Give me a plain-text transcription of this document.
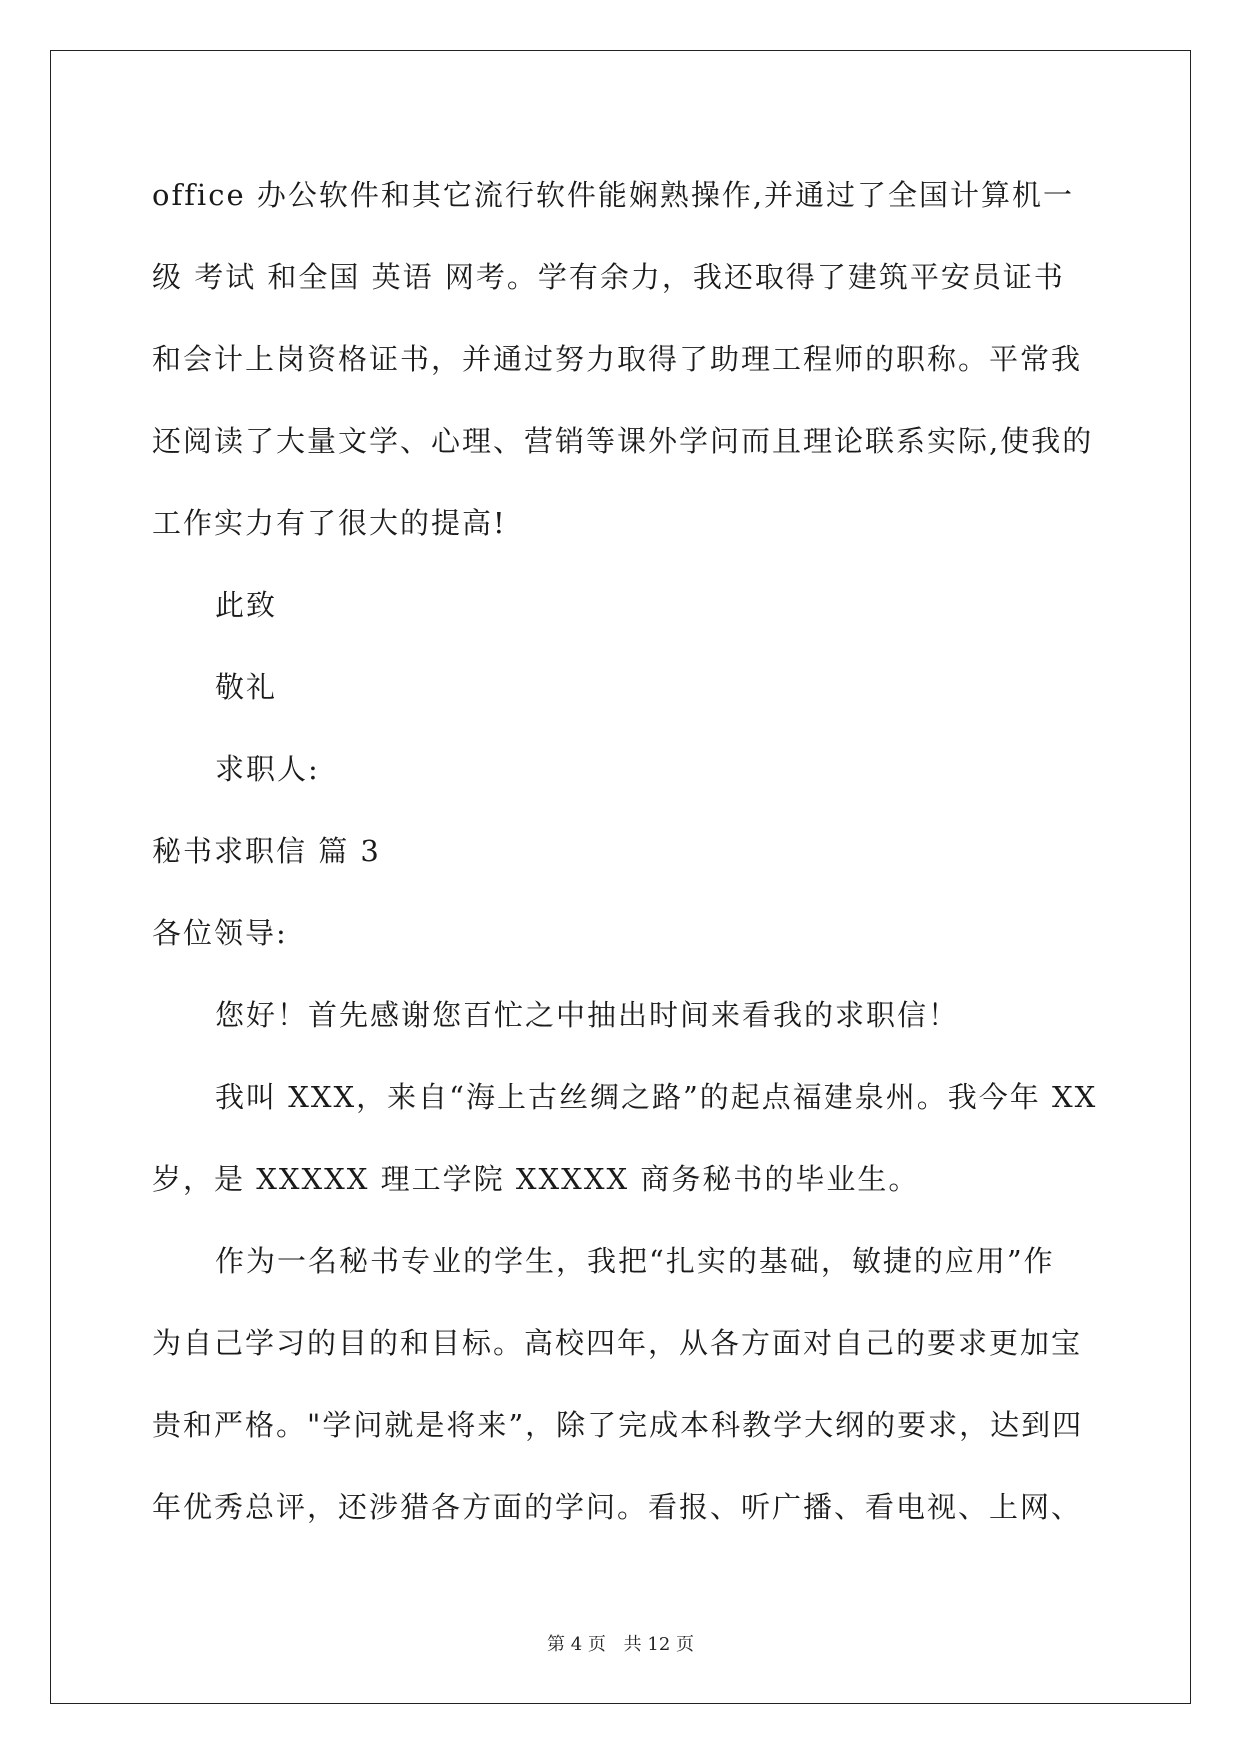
office 办公软件和其它流行软件能娴熟操作,并通过了全国计算机一
级 考试 和全国 英语 网考。学有余力，我还取得了建筑平安员证书
和会计上岗资格证书，并通过努力取得了助理工程师的职称。平常我
还阅读了大量文学、心理、营销等课外学问而且理论联系实际,使我的
工作实力有了很大的提高!
此致
敬礼
求职人:
秘书求职信 篇 3
各位领导:
您好！首先感谢您百忙之中抽出时间来看我的求职信！
我叫 XXX，来自“海上古丝绸之路”的起点福建泉州。我今年 XX
岁，是 XXXXX 理工学院 XXXXX 商务秘书的毕业生。
作为一名秘书专业的学生，我把“扎实的基础，敏捷的应用”作
为自己学习的目的和目标。高校四年，从各方面对自己的要求更加宝
贵和严格。"学问就是将来”，除了完成本科教学大纲的要求，达到四
年优秀总评，还涉猎各方面的学问。看报、听广播、看电视、上网、
第 4 页 共 12 页
